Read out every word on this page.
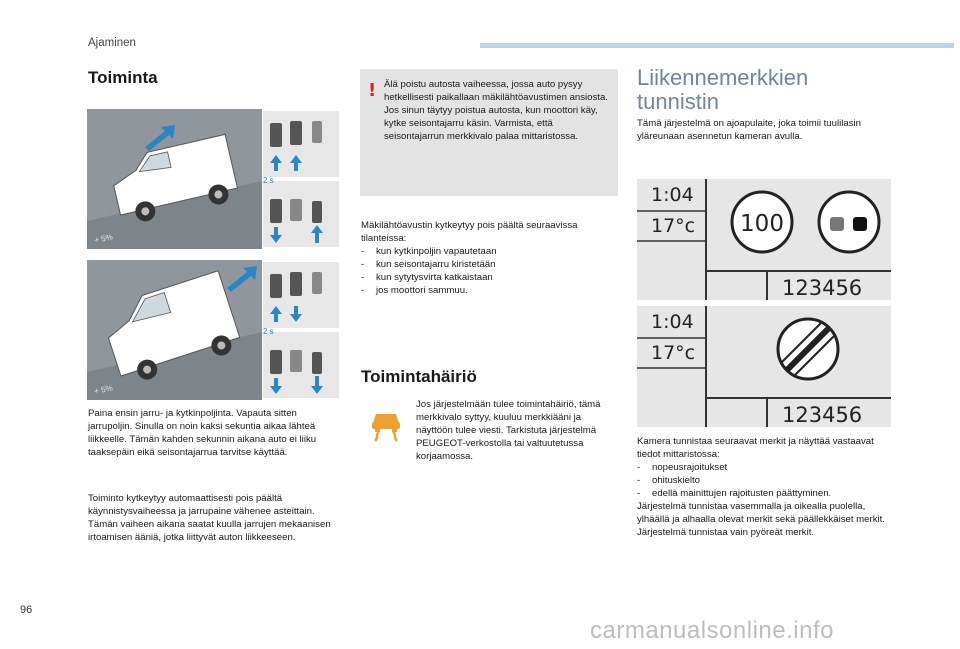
Ajaminen
Toiminta
+ 5%
2 s
+ 5%
2 s
Paina ensin jarru- ja kytkinpoljinta. Vapauta sitten jarrupoljin. Sinulla on noin kaksi sekuntia aikaa lähteä liikkeelle. Tämän kahden sekunnin aikana auto ei liiku taaksepäin eikä seisontajarrua tarvitse käyttää.
Toiminto kytkeytyy automaattisesti pois päältä käynnistysvaiheessa ja jarrupaine vähenee asteittain. Tämän vaiheen aikana saatat kuulla jarrujen mekaanisen irtoamisen ääniä, jotka liittyvät auton liikkeeseen.
! Älä poistu autosta vaiheessa, jossa auto pysyy hetkellisesti paikallaan mäkilähtöavustimen ansiosta. Jos sinun täytyy poistua autosta, kun moottori käy, kytke seisontajarru käsin. Varmista, että seisontajarrun merkkivalo palaa mittaristossa.

Mäkilähtöavustin kytkeytyy pois päältä seuraavissa tilanteissa:

- kun kytkinpoljin vapautetaan
- kun seisontajarru kiristetään
- kun sytytysvirta katkaistaan
- jos moottori sammuu.
Toimintahäiriö
Jos järjestelmään tulee toimintahäiriö, tämä merkkivalo syttyy, kuuluu merkkiääni ja näyttöön tulee viesti. Tarkistuta järjestelmä PEUGEOT-verkostolla tai valtuutetussa korjaamossa.
Liikennemerkkien tunnistin
Tämä järjestelmä on ajoapulaite, joka toimii tuulilasin yläreunaan asennetun kameran avulla.
1:04
17°c 100
123456
1:04
17°c
123456

Kamera tunnistaa seuraavat merkit ja näyttää vastaavat tiedot mittaristossa:

- nopeusrajoitukset
- ohituskielto
- edellä mainittujen rajoitusten päättyminen.

Järjestelmä tunnistaa vasemmalla ja oikealla puolella, ylhäällä ja alhaalla olevat merkit sekä päällekkäiset merkit.

Järjestelmä tunnistaa vain pyöreät merkit.

96
carmanualsonline.info
